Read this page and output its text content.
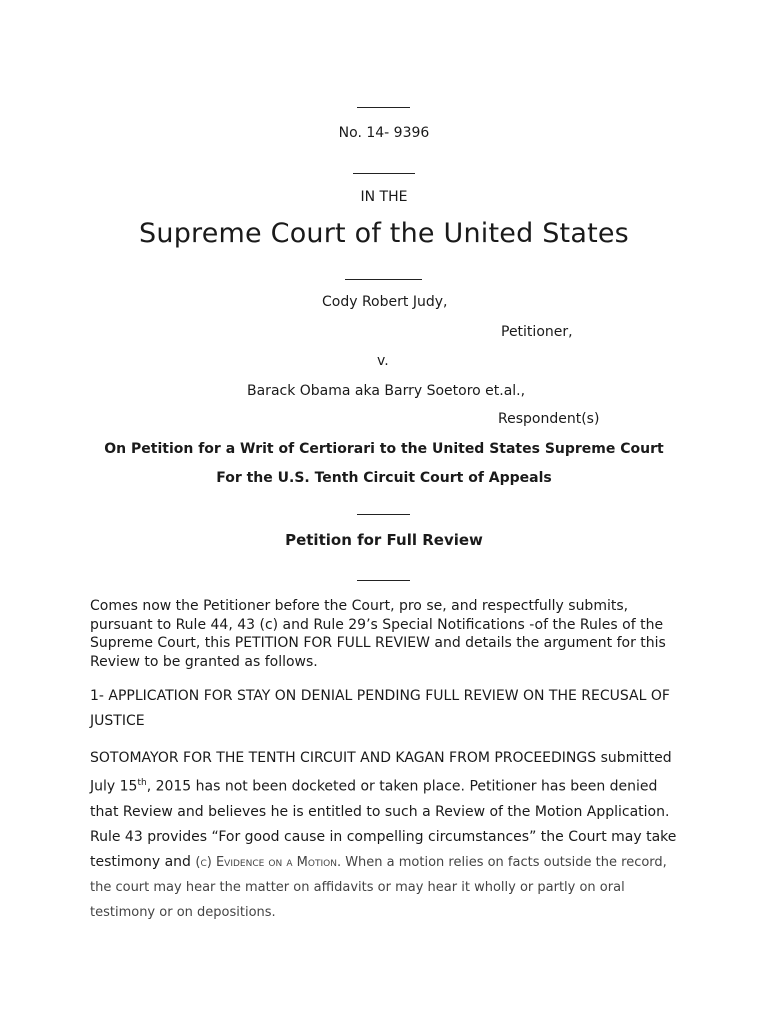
No. 14- 9396
IN THE
Supreme Court of the United States
Cody Robert Judy,
Petitioner,
v.
Barack Obama aka Barry Soetoro et.al.,
Respondent(s)
On Petition for a Writ of Certiorari to the United States Supreme Court
For the U.S. Tenth Circuit Court of Appeals
Petition for Full Review
Comes now the Petitioner before the Court, pro se, and respectfully submits, pursuant to Rule 44, 43 (c) and Rule 29’s Special Notifications -of the Rules of the Supreme Court, this PETITION FOR FULL REVIEW and details the argument for this Review to be granted as follows.
1- APPLICATION FOR STAY ON DENIAL PENDING FULL REVIEW ON THE RECUSAL OF JUSTICE
SOTOMAYOR FOR THE TENTH CIRCUIT AND KAGAN FROM PROCEEDINGS submitted July 15th, 2015 has not been docketed or taken place. Petitioner has been denied that Review and believes he is entitled to such a Review of the Motion Application. Rule 43 provides “For good cause in compelling circumstances” the Court may take testimony and (c) Evidence on a Motion. When a motion relies on facts outside the record, the court may hear the matter on affidavits or may hear it wholly or partly on oral testimony or on depositions.
